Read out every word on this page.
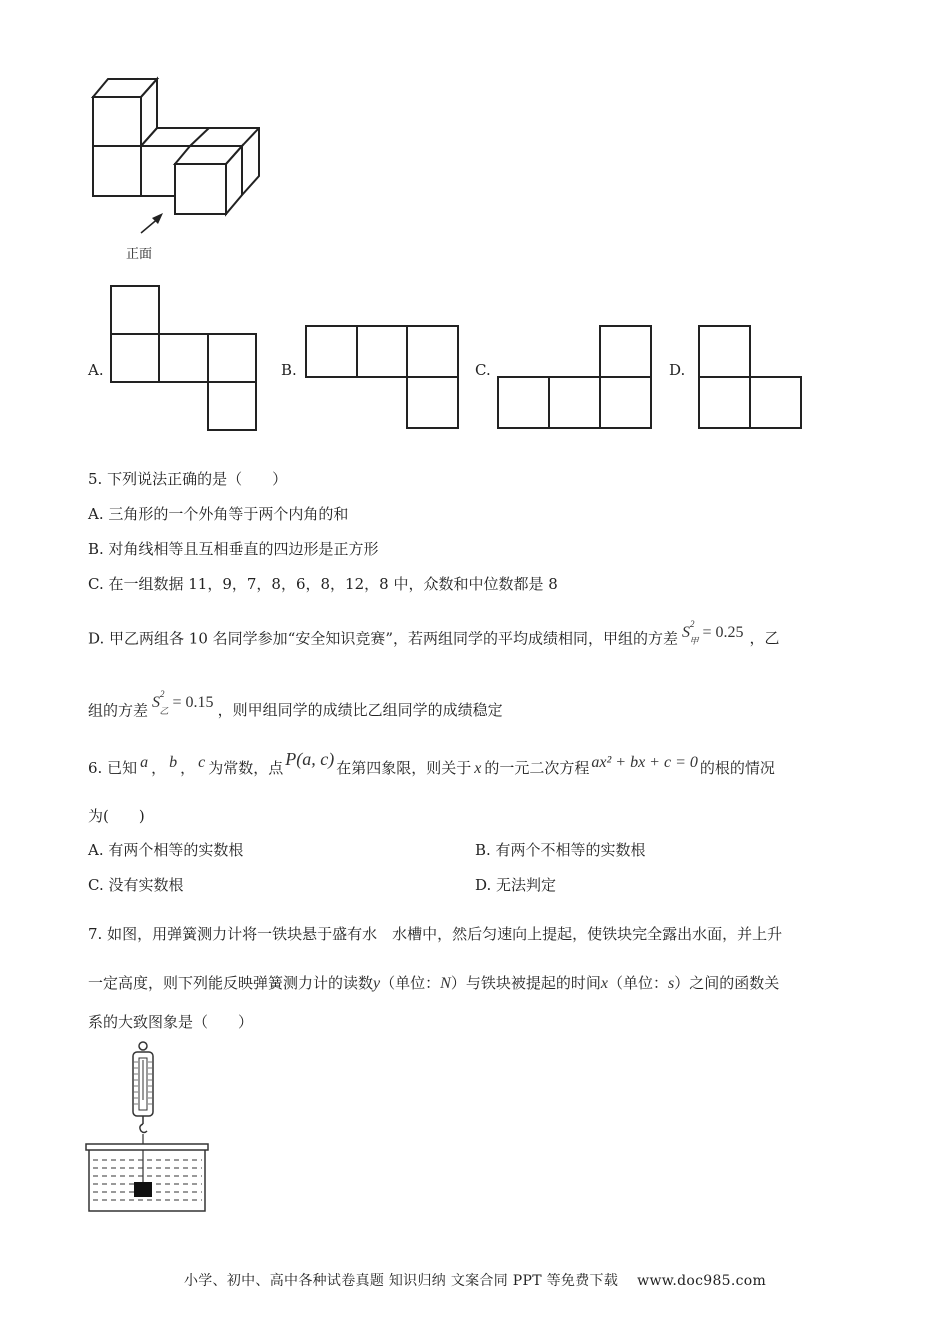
正面
A.	B.	C.	D.
5. 下列说法正确的是（　　）
A. 三角形的一个外角等于两个内角的和
B. 对角线相等且互相垂直的四边形是正方形
C. 在一组数据 11，9，7，8，6，8，12，8 中，众数和中位数都是 8
D. 甲乙两组各 10 名同学参加“安全知识竞赛”，若两组同学的平均成绩相同，甲组的方差 $S^2_甲 = 0.25$ ，乙
组的方差 $S^2_乙 = 0.15$ ，则甲组同学的成绩比乙组同学的成绩稳定
6. 已知 a ， b ， c 为常数，点 P(a, c) 在第四象限，则关于 x 的一元二次方程 ax² + bx + c = 0 的根的情况
为(　　)
A. 有两个相等的实数根	B. 有两个不相等的实数根
C. 没有实数根	D. 无法判定
7. 如图，用弹簧测力计将一铁块悬于盛有水　水槽中，然后匀速向上提起，使铁块完全露出水面，并上升
一定高度，则下列能反映弹簧测力计的读数y（单位：N）与铁块被提起的时间x（单位：s）之间的函数关
系的大致图象是（　　）
小学、初中、高中各种试卷真题 知识归纳 文案合同 PPT 等免费下载　 www.doc985.com
